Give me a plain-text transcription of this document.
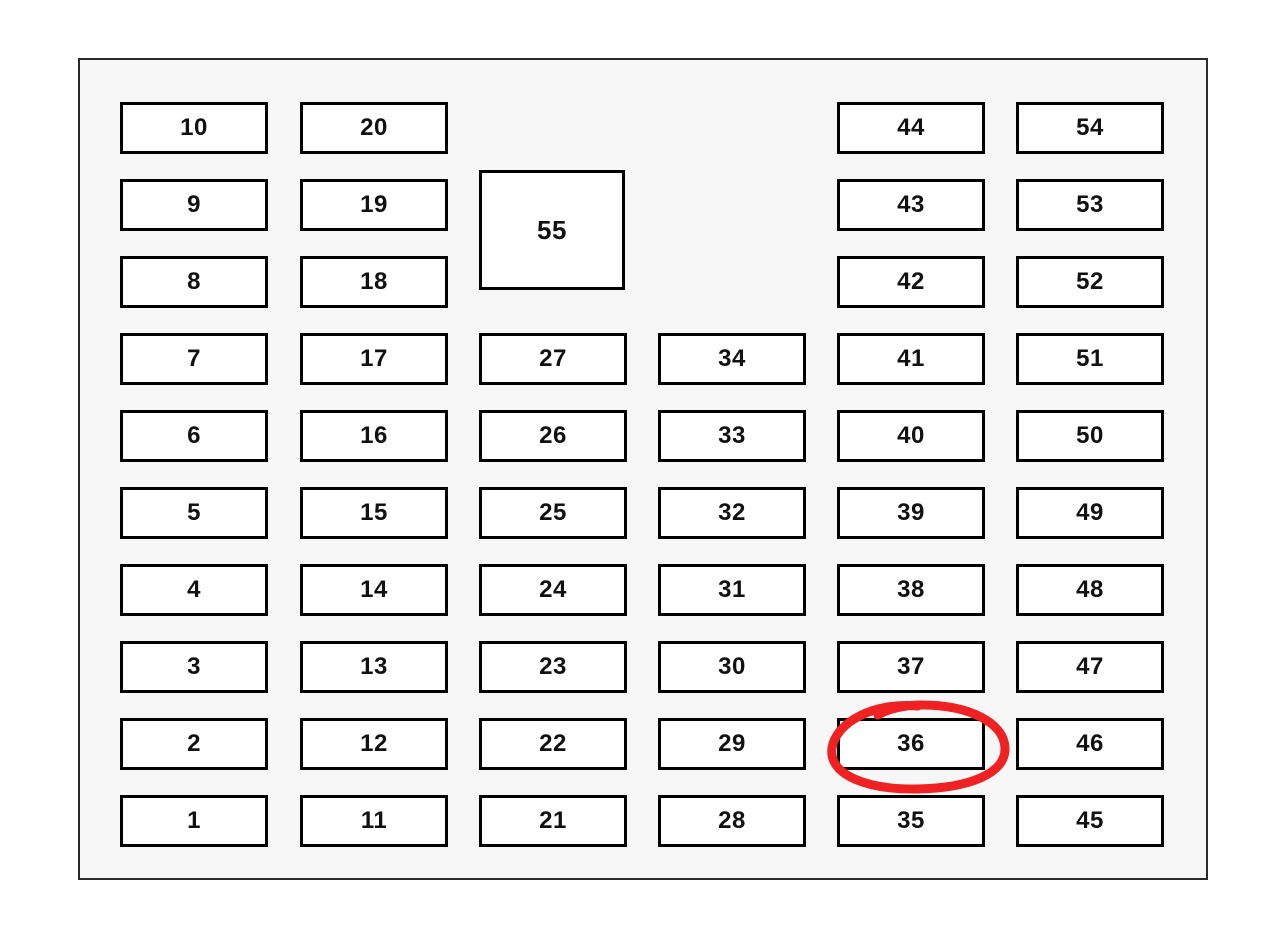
10
9
8
7
6
5
4
3
2
1
20
19
18
17
16
15
14
13
12
11
55
27
26
25
24
23
22
21
34
33
32
31
30
29
28
44
43
42
41
40
39
38
37
36
35
54
53
52
51
50
49
48
47
46
45
